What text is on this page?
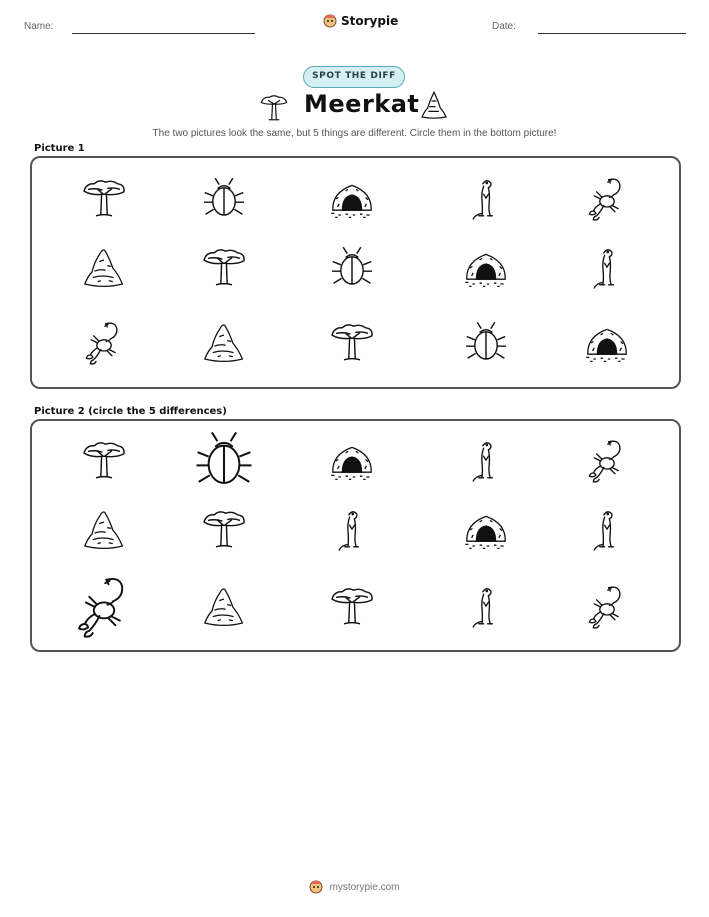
Name:	Storypie	Date:
SPOT THE DIFF
Meerkat
The two pictures look the same, but 5 things are different. Circle them in the bottom picture!
Picture 1
Picture 2 (circle the 5 differences)
mystorypie.com
